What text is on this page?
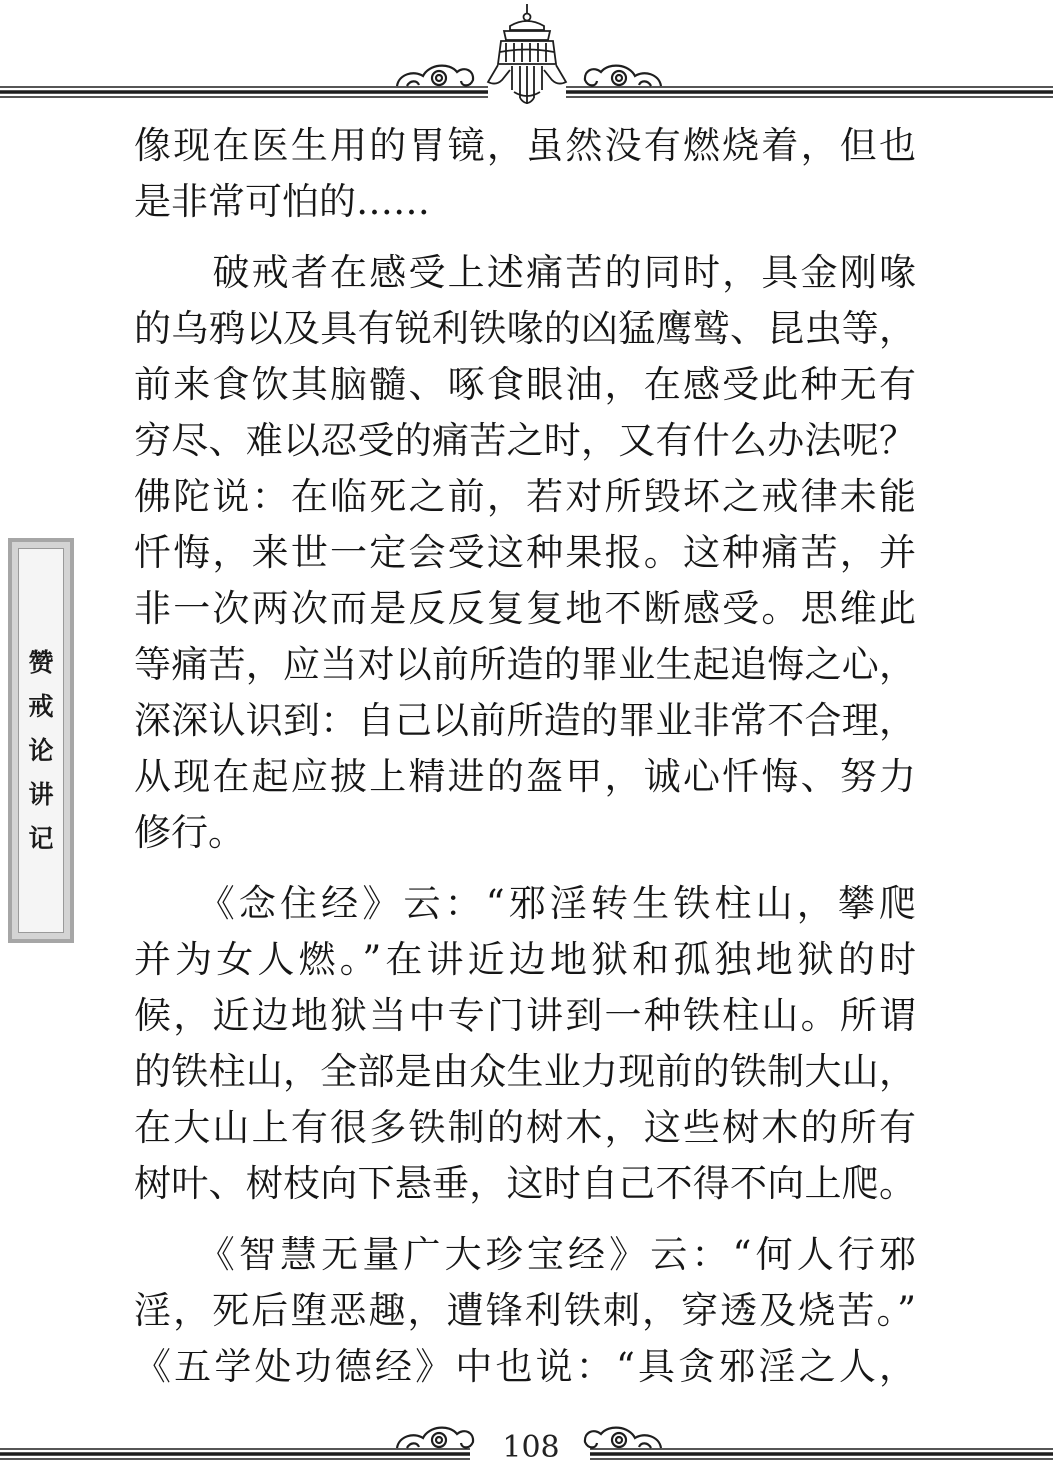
赞
戒
论
讲
记
像现在医生用的胃镜，虽然没有燃烧着，但也
是非常可怕的……
　　破戒者在感受上述痛苦的同时，具金刚喙
的乌鸦以及具有锐利铁喙的凶猛鹰鹫、昆虫等，
前来食饮其脑髓、啄食眼油，在感受此种无有
穷尽、难以忍受的痛苦之时，又有什么办法呢？
佛陀说：在临死之前，若对所毁坏之戒律未能
忏悔，来世一定会受这种果报。这种痛苦，并
非一次两次而是反反复复地不断感受。思维此
等痛苦，应当对以前所造的罪业生起追悔之心，
深深认识到：自己以前所造的罪业非常不合理，
从现在起应披上精进的盔甲，诚心忏悔、努力
修行。
　　《念住经》云：“邪淫转生铁柱山，攀爬
并为女人燃。”在讲近边地狱和孤独地狱的时
候，近边地狱当中专门讲到一种铁柱山。所谓
的铁柱山，全部是由众生业力现前的铁制大山，
在大山上有很多铁制的树木，这些树木的所有
树叶、树枝向下悬垂，这时自己不得不向上爬。
　　《智慧无量广大珍宝经》云：“何人行邪
淫，死后堕恶趣，遭锋利铁刺，穿透及烧苦。”
《五学处功德经》中也说：“具贪邪淫之人，
108
